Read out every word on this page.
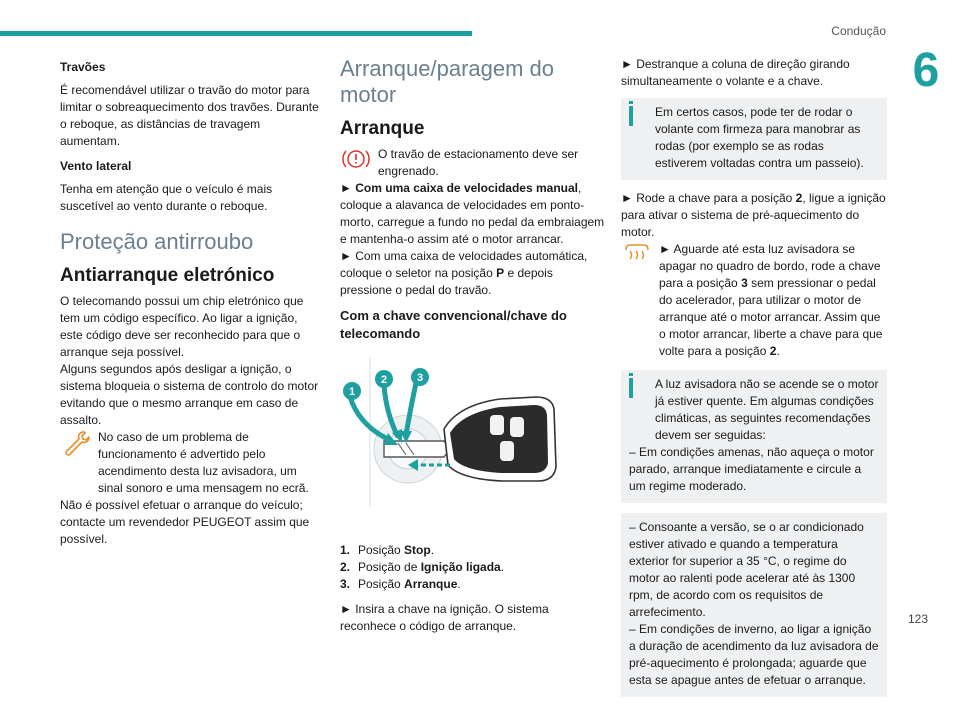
Condução
6
Travões

É recomendável utilizar o travão do motor para limitar o sobreaquecimento dos travões. Durante o reboque, as distâncias de travagem aumentam.

Vento lateral

Tenha em atenção que o veículo é mais suscetível ao vento durante o reboque.

Proteção antirroubo
Antiarranque eletrónico

O telecomando possui um chip eletrónico que tem um código específico. Ao ligar a ignição, este código deve ser reconhecido para que o arranque seja possível.

Alguns segundos após desligar a ignição, o sistema bloqueia o sistema de controlo do motor evitando que o mesmo arranque em caso de assalto.

No caso de um problema de funcionamento é advertido pelo acendimento desta luz avisadora, um sinal sonoro e uma mensagem no ecrã.

Não é possível efetuar o arranque do veículo; contacte um revendedor PEUGEOT assim que possível.

Arranque/paragem do motor
Arranque
O travão de estacionamento deve ser engrenado.

► Com uma caixa de velocidades manual, coloque a alavanca de velocidades em ponto-morto, carregue a fundo no pedal da embraiagem e mantenha-o assim até o motor arrancar.

► Com uma caixa de velocidades automática, coloque o seletor na posição P e depois pressione o pedal do travão.

Com a chave convencional/chave do telecomando
1
2	3
1. Posição Stop.
2. Posição de Ignição ligada.
3. Posição Arranque.

► Insira a chave na ignição. O sistema reconhece o código de arranque.

► Destranque a coluna de direção girando simultaneamente o volante e a chave.

Em certos casos, pode ter de rodar o volante com firmeza para manobrar as rodas (por exemplo se as rodas estiverem voltadas contra um passeio).

► Rode a chave para a posição 2, ligue a ignição para ativar o sistema de pré-aquecimento do motor.

► Aguarde até esta luz avisadora se apagar no quadro de bordo, rode a chave para a posição 3 sem pressionar o pedal do acelerador, para utilizar o motor de arranque até o motor arrancar. Assim que o motor arrancar, liberte a chave para que volte para a posição 2.

A luz avisadora não se acende se o motor já estiver quente. Em algumas condições climáticas, as seguintes recomendações devem ser seguidas:
– Em condições amenas, não aqueça o motor parado, arranque imediatamente e circule a um regime moderado.
– Consoante a versão, se o ar condicionado estiver ativado e quando a temperatura exterior for superior a 35 °C, o regime do motor ao ralenti pode acelerar até às 1300 rpm, de acordo com os requisitos de arrefecimento.
– Em condições de inverno, ao ligar a ignição a duração de acendimento da luz avisadora de pré-aquecimento é prolongada; aguarde que esta se apague antes de efetuar o arranque.
123
